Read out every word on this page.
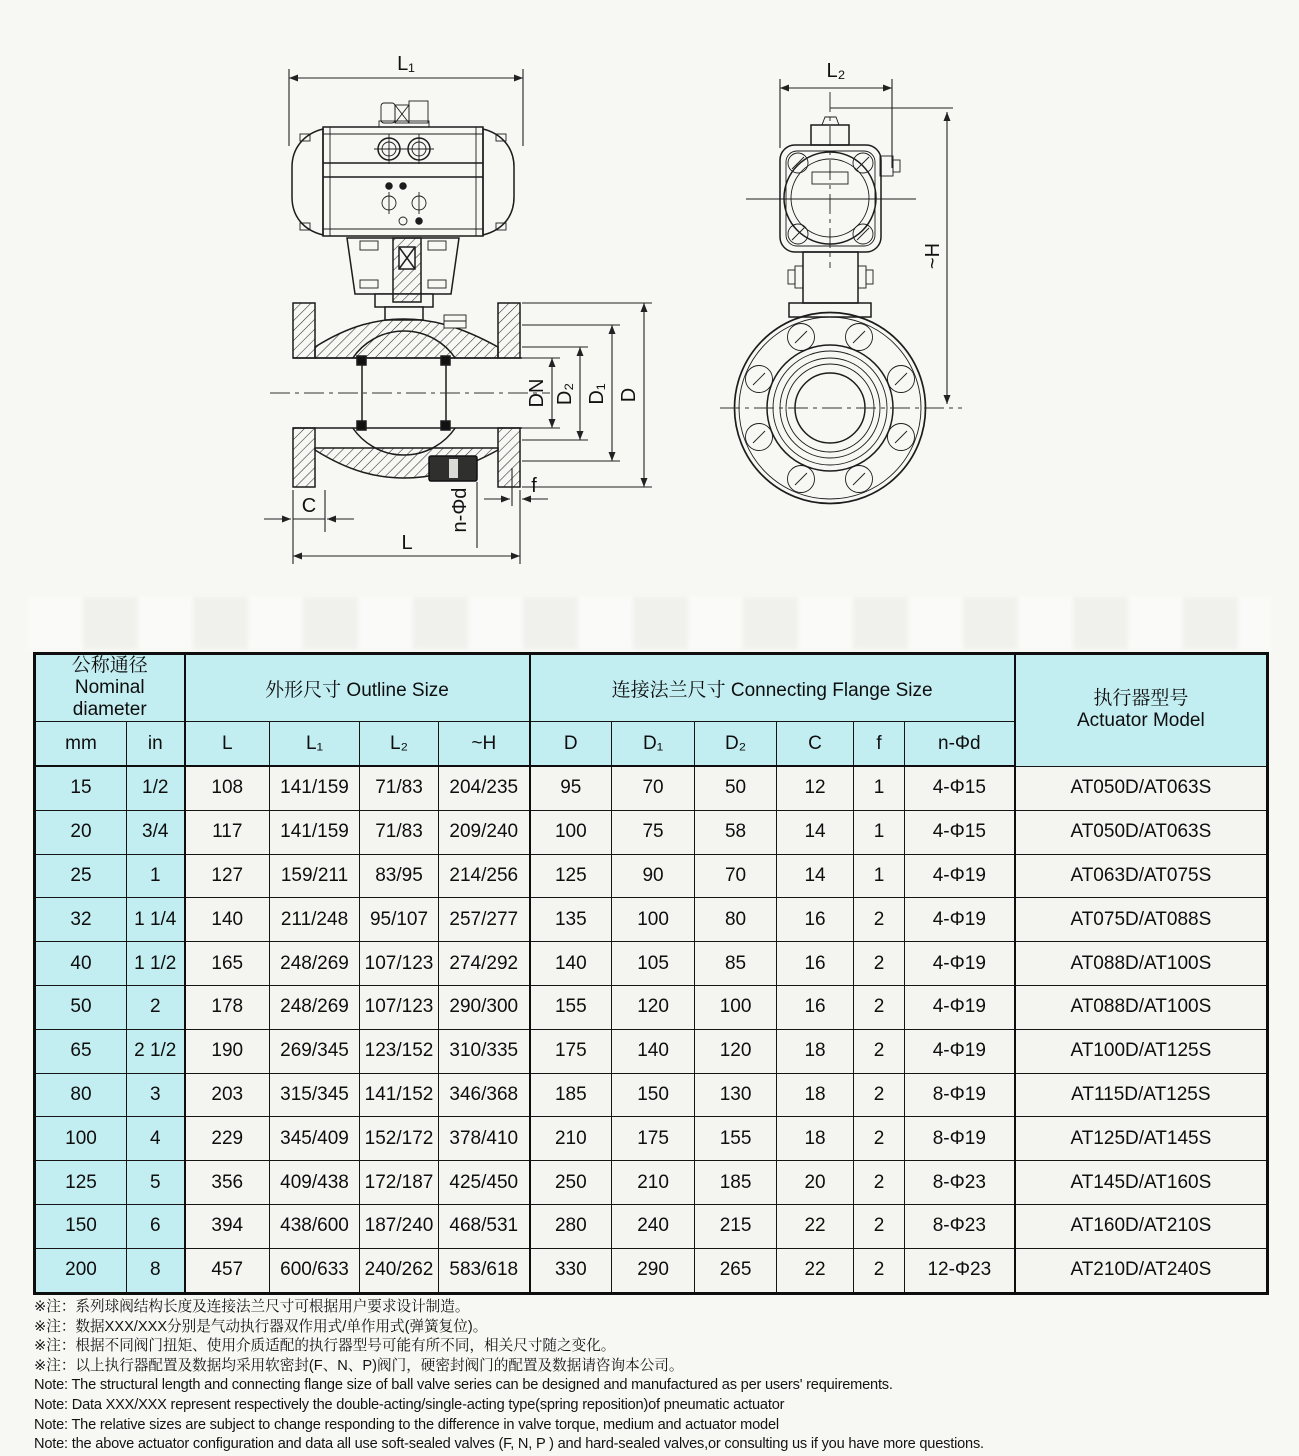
L₁
DN D₂ D₁ D
C
L
f
n-Φd
L₂
~H
公称通径
Nominal diameter
	外形尺寸 Outline Size	连接法兰尺寸 Connecting Flange Size	执行器型号
Actuator Model

mm	in	L	L₁	L₂	~H	D	D₁	D₂	C	f	n-Φd	
15	1/2	108	141/159	71/83	204/235	95	70	50	12	1	4-Φ15	AT050D/AT063S
20	3/4	117	141/159	71/83	209/240	100	75	58	14	1	4-Φ15	AT050D/AT063S
25	1	127	159/211	83/95	214/256	125	90	70	14	1	4-Φ19	AT063D/AT075S
32	1 1/4	140	211/248	95/107	257/277	135	100	80	16	2	4-Φ19	AT075D/AT088S
40	1 1/2	165	248/269	107/123	274/292	140	105	85	16	2	4-Φ19	AT088D/AT100S
50	2	178	248/269	107/123	290/300	155	120	100	16	2	4-Φ19	AT088D/AT100S
65	2 1/2	190	269/345	123/152	310/335	175	140	120	18	2	4-Φ19	AT100D/AT125S
80	3	203	315/345	141/152	346/368	185	150	130	18	2	8-Φ19	AT115D/AT125S
100	4	229	345/409	152/172	378/410	210	175	155	18	2	8-Φ19	AT125D/AT145S
125	5	356	409/438	172/187	425/450	250	210	185	20	2	8-Φ23	AT145D/AT160S
150	6	394	438/600	187/240	468/531	280	240	215	22	2	8-Φ23	AT160D/AT210S
200	8	457	600/633	240/262	583/618	330	290	265	22	2	12-Φ23	AT210D/AT240S
※注：系列球阀结构长度及连接法兰尺寸可根据用户要求设计制造。
※注：数据XXX/XXX分别是气动执行器双作用式/单作用式(弹簧复位)。
※注：根据不同阀门扭矩、使用介质适配的执行器型号可能有所不同，相关尺寸随之变化。
※注：以上执行器配置及数据均采用软密封(F、N、P)阀门，硬密封阀门的配置及数据请咨询本公司。
Note: The structural length and connecting flange size of ball valve series can be designed and manufactured as per users' requirements.
Note: Data XXX/XXX represent respectively the double-acting/single-acting type(spring reposition)of pneumatic actuator
Note: The relative sizes are subject to change responding to the difference in valve torque, medium and actuator model
Note: the above actuator configuration and data all use soft-sealed valves (F, N, P ) and hard-sealed valves,or consulting us if you have more questions.
